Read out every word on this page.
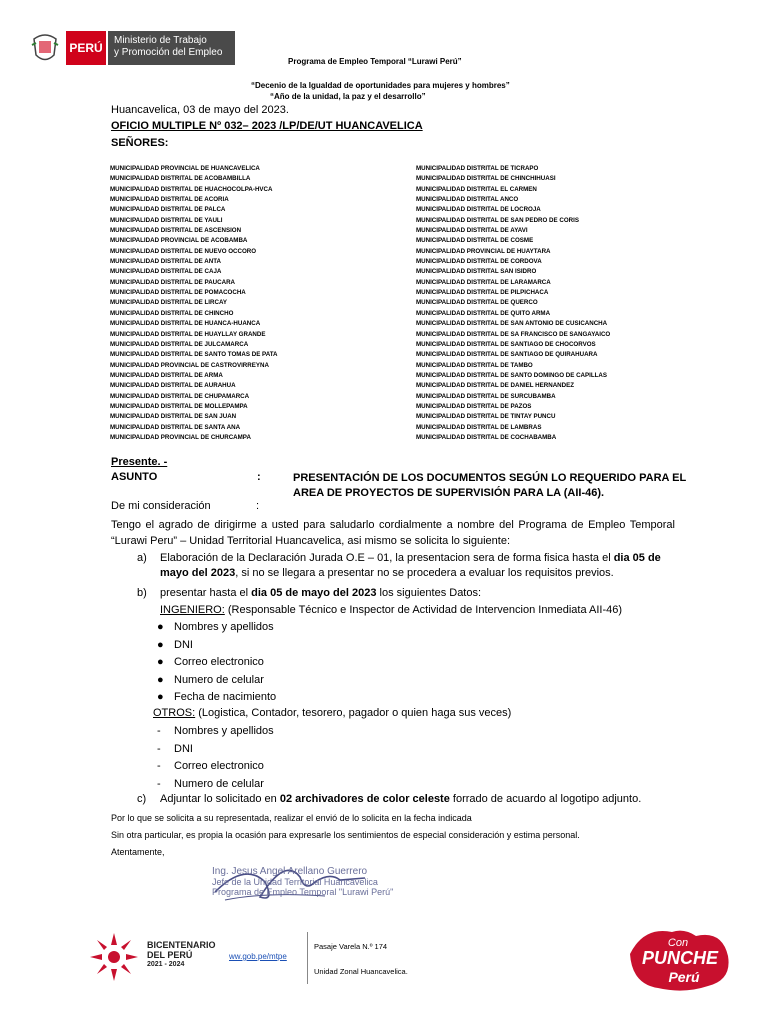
PERÚ
Ministerio de Trabajo
y Promoción del Empleo
Programa de Empleo Temporal “Lurawi Perú”
“Decenio de la Igualdad de oportunidades para mujeres y hombres”
“Año de la unidad, la paz y el desarrollo”
Huancavelica, 03 de mayo del 2023.
OFICIO MULTIPLE Nº 032– 2023 /LP/DE/UT HUANCAVELICA
SEÑORES:
MUNICIPALIDAD PROVINCIAL DE HUANCAVELICA
MUNICIPALIDAD DISTRITAL DE ACOBAMBILLA
MUNICIPALIDAD DISTRITAL DE HUACHOCOLPA-HVCA
MUNICIPALIDAD DISTRITAL DE ACORIA
MUNICIPALIDAD DISTRITAL DE PALCA
MUNICIPALIDAD DISTRITAL DE YAULI
MUNICIPALIDAD DISTRITAL DE ASCENSION
MUNICIPALIDAD PROVINCIAL DE ACOBAMBA
MUNICIPALIDAD DISTRITAL DE NUEVO OCCORO
MUNICIPALIDAD DISTRITAL DE ANTA
MUNICIPALIDAD DISTRITAL DE CAJA
MUNICIPALIDAD DISTRITAL DE PAUCARA
MUNICIPALIDAD DISTRITAL DE POMACOCHA
MUNICIPALIDAD DISTRITAL DE LIRCAY
MUNICIPALIDAD DISTRITAL DE CHINCHO
MUNICIPALIDAD DISTRITAL DE HUANCA-HUANCA
MUNICIPALIDAD DISTRITAL DE HUAYLLAY GRANDE
MUNICIPALIDAD DISTRITAL DE JULCAMARCA
MUNICIPALIDAD DISTRITAL DE SANTO TOMAS DE PATA
MUNICIPALIDAD PROVINCIAL DE CASTROVIRREYNA
MUNICIPALIDAD DISTRITAL DE ARMA
MUNICIPALIDAD DISTRITAL DE AURAHUA
MUNICIPALIDAD DISTRITAL DE CHUPAMARCA
MUNICIPALIDAD DISTRITAL DE MOLLEPAMPA
MUNICIPALIDAD DISTRITAL DE SAN JUAN
MUNICIPALIDAD DISTRITAL DE SANTA ANA
MUNICIPALIDAD PROVINCIAL DE CHURCAMPA
MUNICIPALIDAD DISTRITAL DE TICRAPO
MUNICIPALIDAD DISTRITAL DE CHINCHIHUASI
MUNICIPALIDAD DISTRITAL EL CARMEN
MUNICIPALIDAD DISTRITAL ANCO
MUNICIPALIDAD DISTRITAL DE LOCROJA
MUNICIPALIDAD DISTRITAL DE SAN PEDRO DE CORIS
MUNICIPALIDAD DISTRITAL DE AYAVI
MUNICIPALIDAD DISTRITAL DE COSME
MUNICIPALIDAD PROVINCIAL DE HUAYTARA
MUNICIPALIDAD DISTRITAL DE CORDOVA
MUNICIPALIDAD DISTRITAL SAN ISIDRO
MUNICIPALIDAD DISTRITAL DE LARAMARCA
MUNICIPALIDAD DISTRITAL DE PILPICHACA
MUNICIPALIDAD DISTRITAL DE QUERCO
MUNICIPALIDAD DISTRITAL DE QUITO ARMA
MUNICIPALIDAD DISTRITAL DE SAN ANTONIO DE CUSICANCHA
MUNICIPALIDAD DISTRITAL DE SA FRANCISCO DE SANGAYAICO
MUNICIPALIDAD DISTRITAL DE SANTIAGO DE CHOCORVOS
MUNICIPALIDAD DISTRITAL DE SANTIAGO DE QUIRAHUARA
MUNICIPALIDAD DISTRITAL DE TAMBO
MUNICIPALIDAD DISTRITAL DE SANTO DOMINGO DE CAPILLAS
MUNICIPALIDAD DISTRITAL DE DANIEL HERNANDEZ
MUNICIPALIDAD DISTRITAL DE SURCUBAMBA
MUNICIPALIDAD DISTRITAL DE PAZOS
MUNICIPALIDAD DISTRITAL DE TINTAY PUNCU
MUNICIPALIDAD DISTRITAL DE LAMBRAS
MUNICIPALIDAD DISTRITAL DE COCHABAMBA
Presente. -
ASUNTO	:	PRESENTACIÓN DE LOS DOCUMENTOS SEGÚN LO REQUERIDO PARA EL AREA DE PROYECTOS DE SUPERVISIÓN PARA LA (AII-46).
De mi consideración	:
Tengo el agrado de dirigirme a usted para saludarlo cordialmente a nombre del Programa de Empleo Temporal “Lurawi Peru” – Unidad Territorial Huancavelica, asi mismo se solicita lo siguiente:
a) Elaboración de la Declaración Jurada O.E – 01, la presentacion sera de forma fisica hasta el dia 05 de mayo del 2023, si no se llegara a presentar no se procedera a evaluar los requisitos previos.
b) presentar hasta el dia 05 de mayo del 2023 los siguientes Datos:
INGENIERO: (Responsable Técnico e Inspector de Actividad de Intervencion Inmediata AII-46)
● Nombres y apellidos
● DNI
● Correo electronico
● Numero de celular
● Fecha de nacimiento
OTROS: (Logistica, Contador, tesorero, pagador o quien haga sus veces)
- Nombres y apellidos
- DNI
- Correo electronico
- Numero de celular
c) Adjuntar lo solicitado en 02 archivadores de color celeste forrado de acuardo al logotipo adjunto.
Por lo que se solicita a su representada, realizar el envió de lo solicita en la fecha indicada
Sin otra particular, es propia la ocasión para expresarle los sentimientos de especial consideración y estima personal.
Atentamente,
Ing. Jesus Angel Arellano Guerrero
Jefe de la Unidad Territorial Huancavelica
Programa de Empleo Temporal "Lurawi Perú"
BICENTENARIO
DEL PERÚ
2021 - 2024
ww.gob.pe/mtpe
Pasaje Varela N.º 174
Unidad Zonal Huancavelica.
Con
PUNCHE
Perú
